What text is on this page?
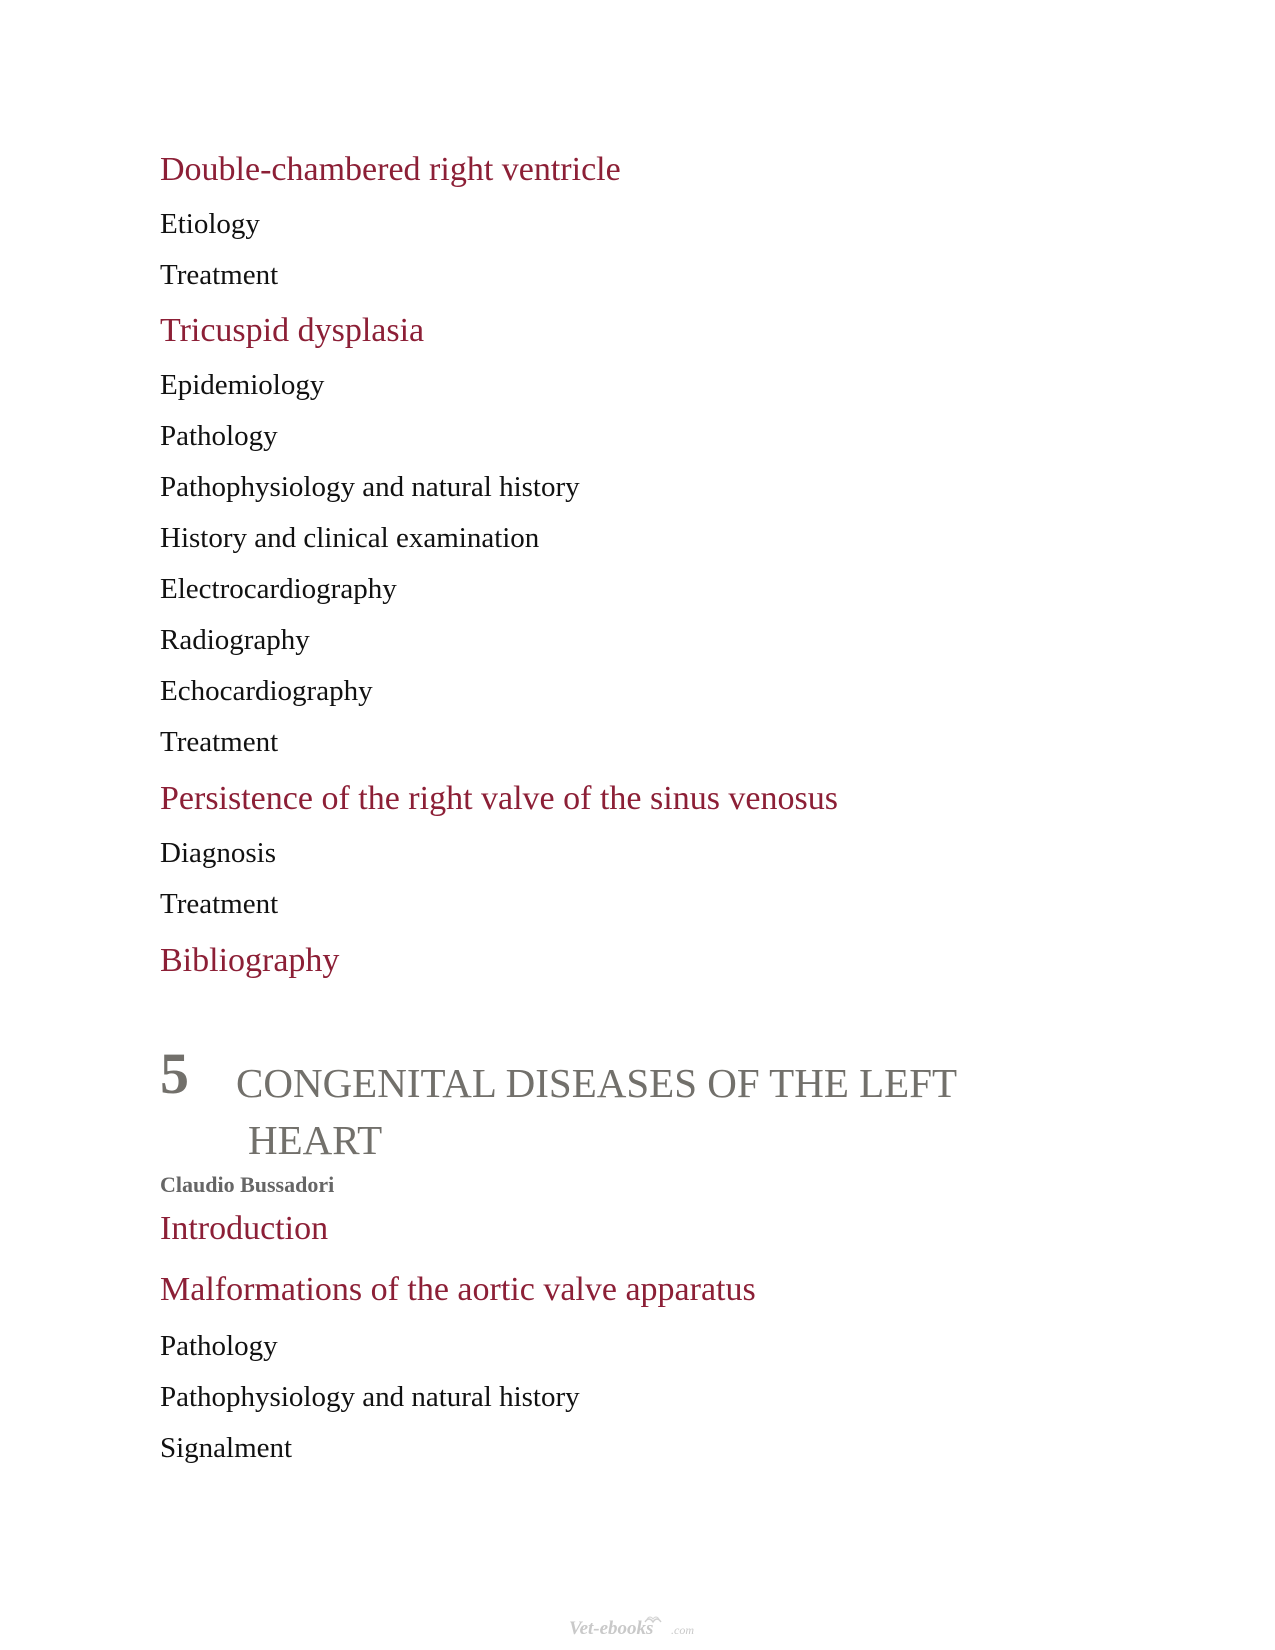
Double-chambered right ventricle

Etiology

Treatment

Tricuspid dysplasia

Epidemiology

Pathology

Pathophysiology and natural history

History and clinical examination

Electrocardiography

Radiography

Echocardiography

Treatment

Persistence of the right valve of the sinus venosus

Diagnosis

Treatment

Bibliography

5 CONGENITAL DISEASES OF THE LEFT
HEART
Claudio Bussadori

Introduction

Malformations of the aortic valve apparatus

Pathology

Pathophysiology and natural history

Signalment

Vet-ebooks .com
